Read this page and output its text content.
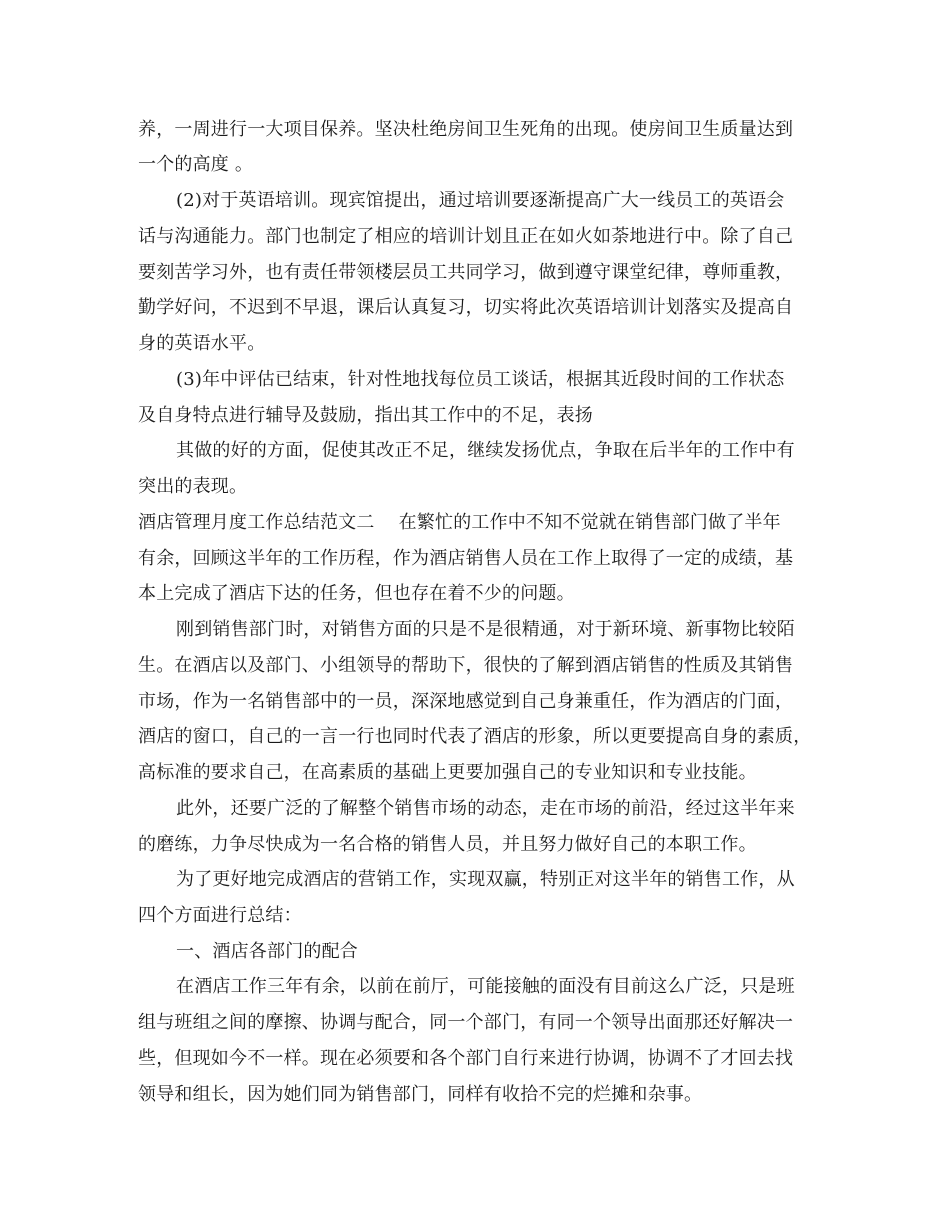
养，一周进行一大项目保养。坚决杜绝房间卫生死角的出现。使房间卫生质量达到
一个的高度 。
(2)对于英语培训。现宾馆提出，通过培训要逐渐提高广大一线员工的英语会
话与沟通能力。部门也制定了相应的培训计划且正在如火如荼地进行中。除了自己
要刻苦学习外，也有责任带领楼层员工共同学习，做到遵守课堂纪律，尊师重教，
勤学好问，不迟到不早退，课后认真复习，切实将此次英语培训计划落实及提高自
身的英语水平。
(3)年中评估已结束，针对性地找每位员工谈话，根据其近段时间的工作状态
及自身特点进行辅导及鼓励，指出其工作中的不足，表扬
其做的好的方面，促使其改正不足，继续发扬优点，争取在后半年的工作中有
突出的表现。
酒店管理月度工作总结范文二 在繁忙的工作中不知不觉就在销售部门做了半年
有余，回顾这半年的工作历程，作为酒店销售人员在工作上取得了一定的成绩，基
本上完成了酒店下达的任务，但也存在着不少的问题。
刚到销售部门时，对销售方面的只是不是很精通，对于新环境、新事物比较陌
生。在酒店以及部门、小组领导的帮助下，很快的了解到酒店销售的性质及其销售
市场，作为一名销售部中的一员，深深地感觉到自己身兼重任，作为酒店的门面，
酒店的窗口，自己的一言一行也同时代表了酒店的形象，所以更要提高自身的素质，
高标准的要求自己，在高素质的基础上更要加强自己的专业知识和专业技能。
此外，还要广泛的了解整个销售市场的动态，走在市场的前沿，经过这半年来
的磨练，力争尽快成为一名合格的销售人员，并且努力做好自己的本职工作。
为了更好地完成酒店的营销工作，实现双赢，特别正对这半年的销售工作，从
四个方面进行总结：
一、酒店各部门的配合
在酒店工作三年有余，以前在前厅，可能接触的面没有目前这么广泛，只是班
组与班组之间的摩擦、协调与配合，同一个部门，有同一个领导出面那还好解决一
些，但现如今不一样。现在必须要和各个部门自行来进行协调，协调不了才回去找
领导和组长，因为她们同为销售部门，同样有收拾不完的烂摊和杂事。
